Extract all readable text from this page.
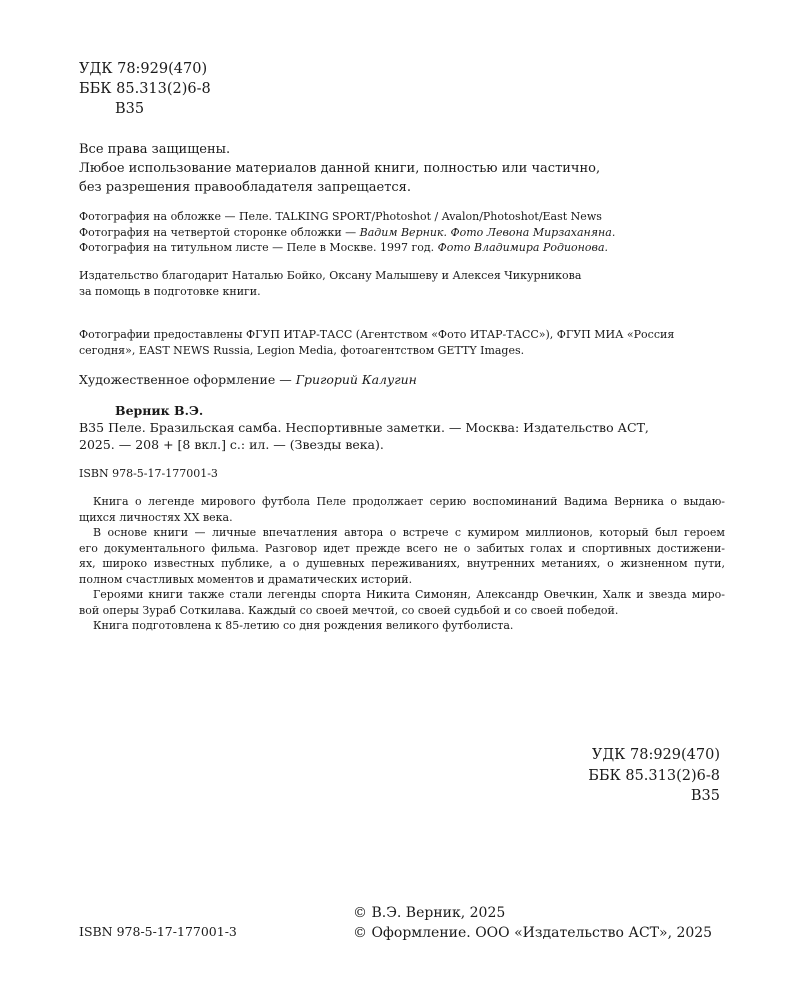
УДК 78:929(470)
ББК 85.313(2)6-8
В35
Все права защищены.
Любое использование материалов данной книги, полностью или частично,
без разрешения правообладателя запрещается.
Фотография на обложке — Пеле. TALKING SPORT/Photoshot / Avalon/Photoshot/East News
Фотография на четвертой сторонке обложки — Вадим Верник. Фото Левона Мирзаханяна.
Фотография на титульном листе — Пеле в Москве. 1997 год. Фото Владимира Родионова.
Издательство благодарит Наталью Бойко, Оксану Малышеву и Алексея Чикурникова
за помощь в подготовке книги.
Фотографии предоставлены ФГУП ИТАР-ТАСС (Агентством «Фото ИТАР-ТАСС»), ФГУП МИА «Россия
сегодня», EAST NEWS Russia, Legion Media, фотоагентством GETTY Images.
Художественное оформление — Григорий Калугин
Верник В.Э.
В35 Пеле. Бразильская самба. Неспортивные заметки. — Москва: Издательство АСТ,
2025. — 208 + [8 вкл.] с.: ил. — (Звезды века).
ISBN 978-5-17-177001-3

Книга о легенде мирового футбола Пеле продолжает серию воспоминаний Вадима Верника о выдаю-

щихся личностях XX века.

В основе книги — личные впечатления автора о встрече с кумиром миллионов, который был героем

его документального фильма. Разговор идет прежде всего не о забитых голах и спортивных достижени-

ях, широко известных публике, а о душевных переживаниях, внутренних метаниях, о жизненном пути,

полном счастливых моментов и драматических историй.

Героями книги также стали легенды спорта Никита Симонян, Александр Овечкин, Халк и звезда миро-

вой оперы Зураб Соткилава. Каждый со своей мечтой, со своей судьбой и со своей победой.

Книга подготовлена к 85-летию со дня рождения великого футболиста.

УДК 78:929(470)
ББК 85.313(2)6-8
В35
ISBN 978-5-17-177001-3
© В.Э. Верник, 2025
© Оформление. ООО «Издательство АСТ», 2025
